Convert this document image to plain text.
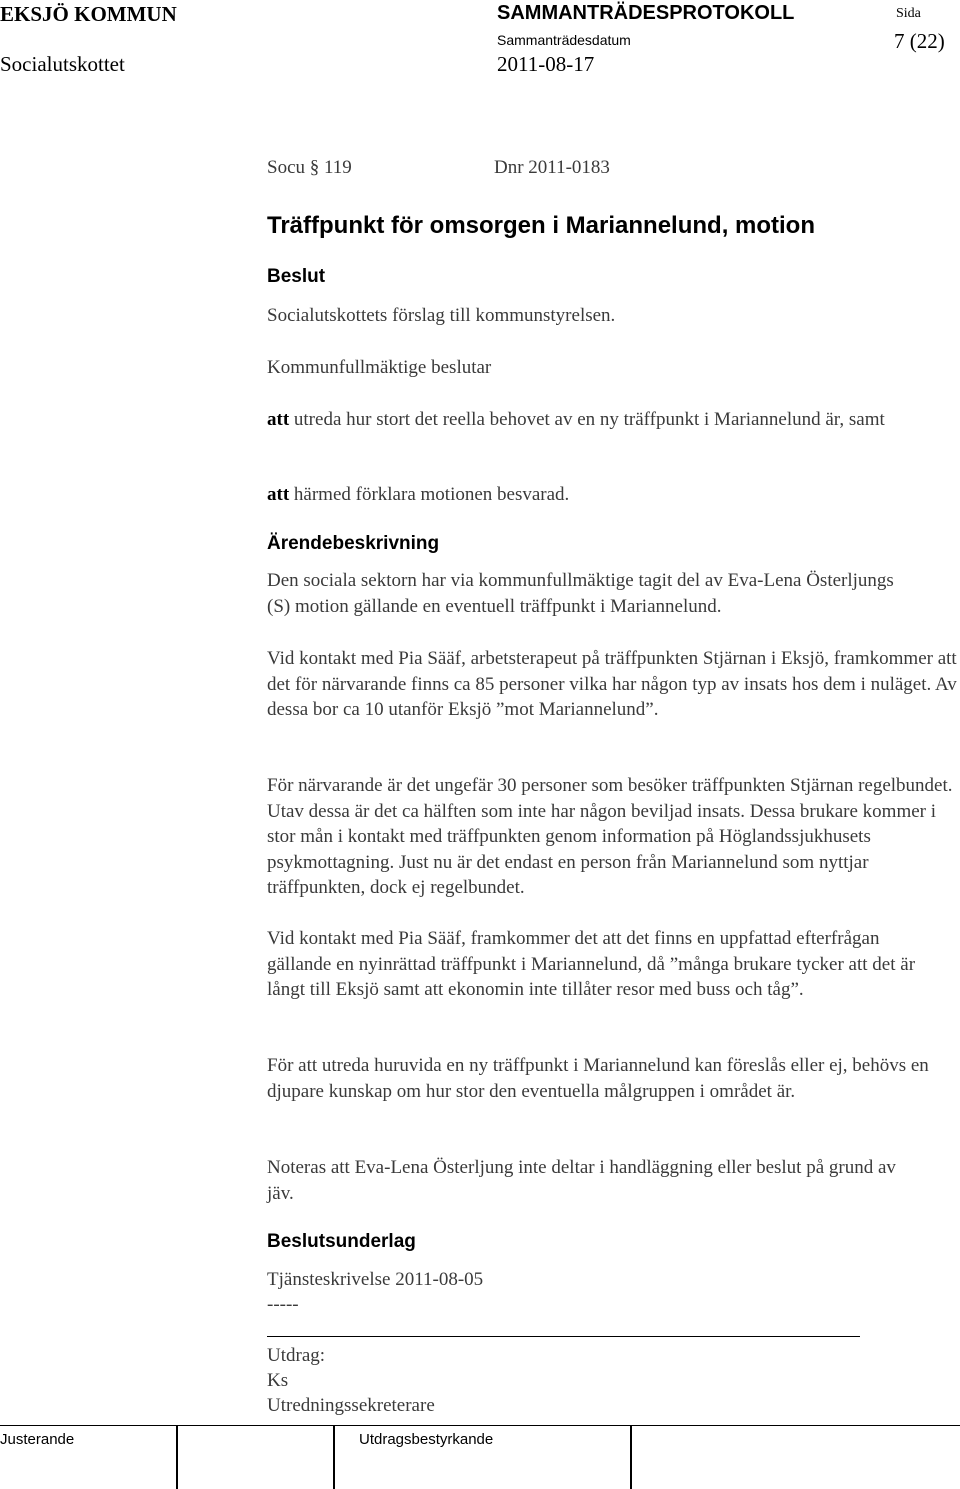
EKSJÖ KOMMUN	SAMMANTRÄDESPROTOKOLL	Sida
Sammanträdesdatum	7 (22)
Socialutskottet	2011-08-17
Socu § 119	Dnr 2011-0183
Träffpunkt för omsorgen i Mariannelund, motion
Beslut
Socialutskottets förslag till kommunstyrelsen.
Kommunfullmäktige beslutar
att utreda hur stort det reella behovet av en ny träffpunkt i Mariannelund är, samt
att härmed förklara motionen besvarad.
Ärendebeskrivning
Den sociala sektorn har via kommunfullmäktige tagit del av Eva-Lena Österljungs (S) motion gällande en eventuell träffpunkt i Mariannelund.
Vid kontakt med Pia Sääf, arbetsterapeut på träffpunkten Stjärnan i Eksjö, framkommer att det för närvarande finns ca 85 personer vilka har någon typ av insats hos dem i nuläget. Av dessa bor ca 10 utanför Eksjö ”mot Mariannelund”.
För närvarande är det ungefär 30 personer som besöker träffpunkten Stjärnan regelbundet. Utav dessa är det ca hälften som inte har någon beviljad insats. Dessa brukare kommer i stor mån i kontakt med träffpunkten genom information på Höglandssjukhusets psykmottagning. Just nu är det endast en person från Mariannelund som nyttjar träffpunkten, dock ej regelbundet.
Vid kontakt med Pia Sääf, framkommer det att det finns en uppfattad efterfrågan gällande en nyinrättad träffpunkt i Mariannelund, då ”många brukare tycker att det är långt till Eksjö samt att ekonomin inte tillåter resor med buss och tåg”.
För att utreda huruvida en ny träffpunkt i Mariannelund kan föreslås eller ej, behövs en djupare kunskap om hur stor den eventuella målgruppen i området är.
Noteras att Eva-Lena Österljung inte deltar i handläggning eller beslut på grund av jäv.
Beslutsunderlag
Tjänsteskrivelse 2011-08-05
-----
Utdrag:
Ks
Utredningssekreterare
Justerande	Utdragsbestyrkande
